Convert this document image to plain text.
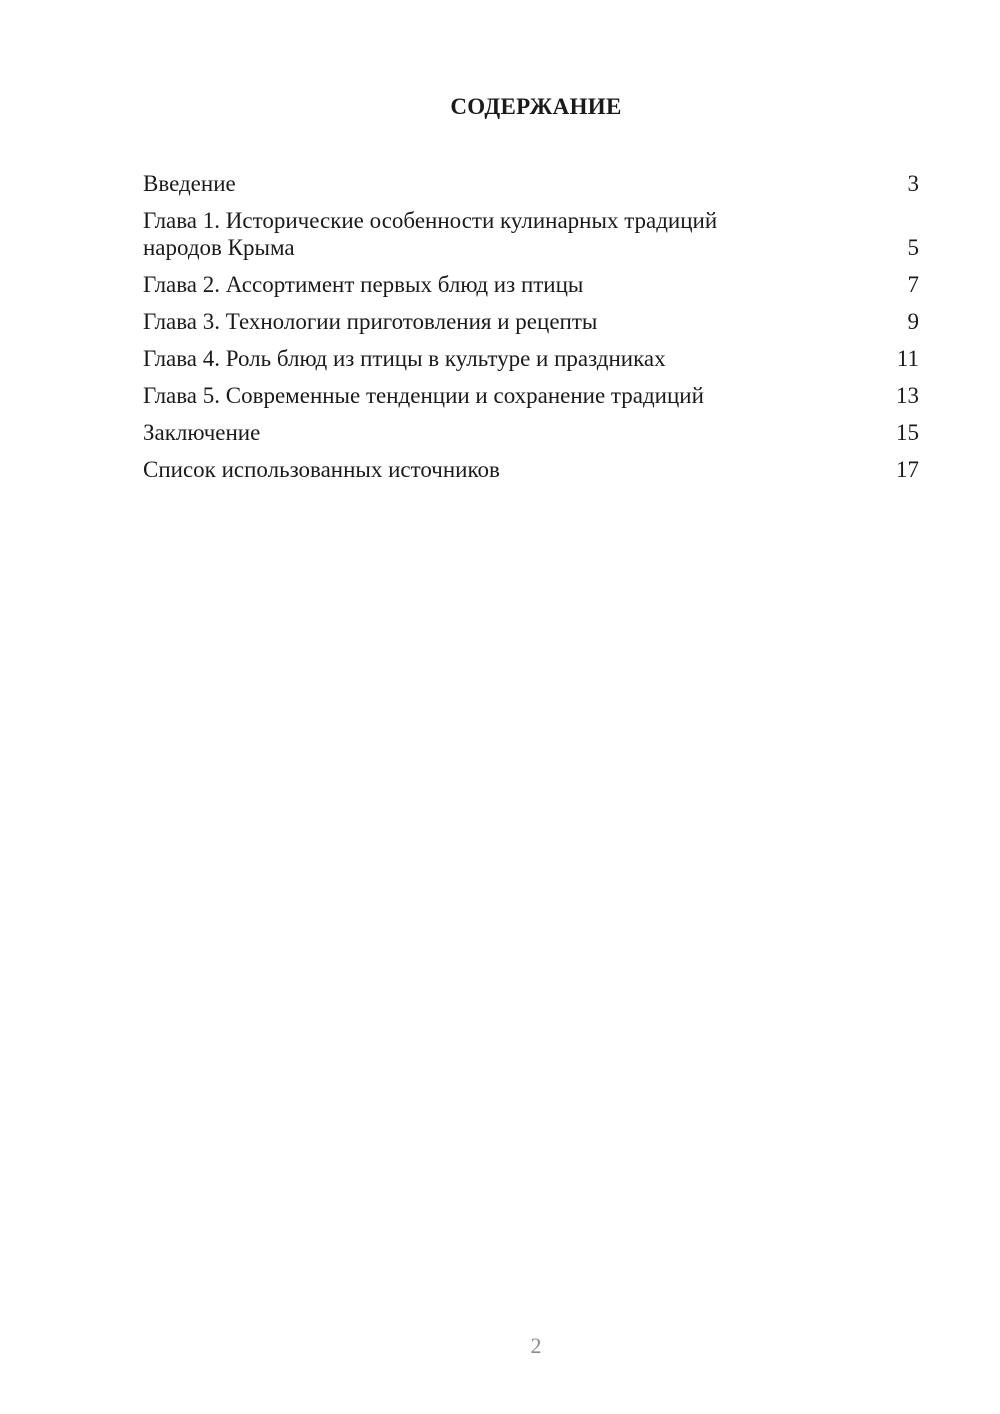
СОДЕРЖАНИЕ
Введение	3
Глава 1. Исторические особенности кулинарных традиций народов Крыма	5
Глава 2. Ассортимент первых блюд из птицы	7
Глава 3. Технологии приготовления и рецепты	9
Глава 4. Роль блюд из птицы в культуре и праздниках	11
Глава 5. Современные тенденции и сохранение традиций	13
Заключение	15
Список использованных источников	17
2
